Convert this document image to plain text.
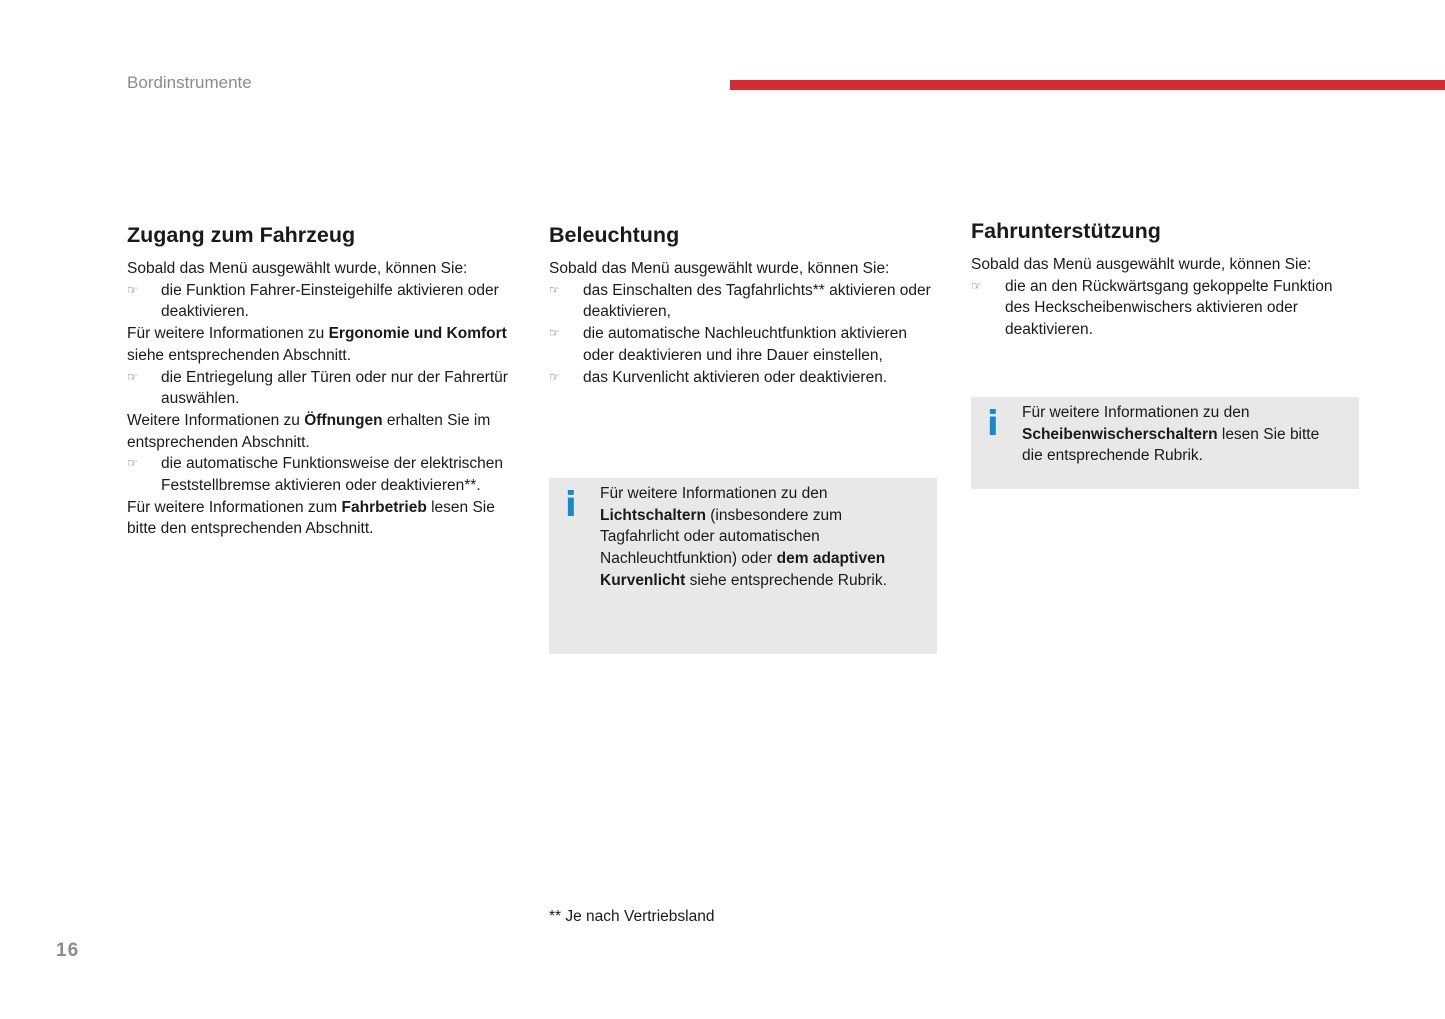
Bordinstrumente
Zugang zum Fahrzeug

Sobald das Menü ausgewählt wurde, können Sie:

☞ die Funktion Fahrer-Einsteigehilfe aktivieren oder deaktivieren.

Für weitere Informationen zu Ergonomie und Komfort siehe entsprechenden Abschnitt.

☞ die Entriegelung aller Türen oder nur der Fahrertür auswählen.

Weitere Informationen zu Öffnungen erhalten Sie im entsprechenden Abschnitt.

☞ die automatische Funktionsweise der elektrischen Feststellbremse aktivieren oder deaktivieren**.

Für weitere Informationen zum Fahrbetrieb lesen Sie bitte den entsprechenden Abschnitt.

Beleuchtung

Sobald das Menü ausgewählt wurde, können Sie:

☞ das Einschalten des Tagfahrlichts** aktivieren oder deaktivieren,
☞ die automatische Nachleuchtfunktion aktivieren oder deaktivieren und ihre Dauer einstellen,
☞ das Kurvenlicht aktivieren oder deaktivieren.
i Für weitere Informationen zu den Lichtschaltern (insbesondere zum Tagfahrlicht oder automatischen Nachleuchtfunktion) oder dem adaptiven Kurvenlicht siehe entsprechende Rubrik.
Fahrunterstützung

Sobald das Menü ausgewählt wurde, können Sie:

☞ die an den Rückwärtsgang gekoppelte Funktion des Heckscheibenwischers aktivieren oder deaktivieren.
i Für weitere Informationen zu den Scheibenwischerschaltern lesen Sie bitte die entsprechende Rubrik.
** Je nach Vertriebsland
16
